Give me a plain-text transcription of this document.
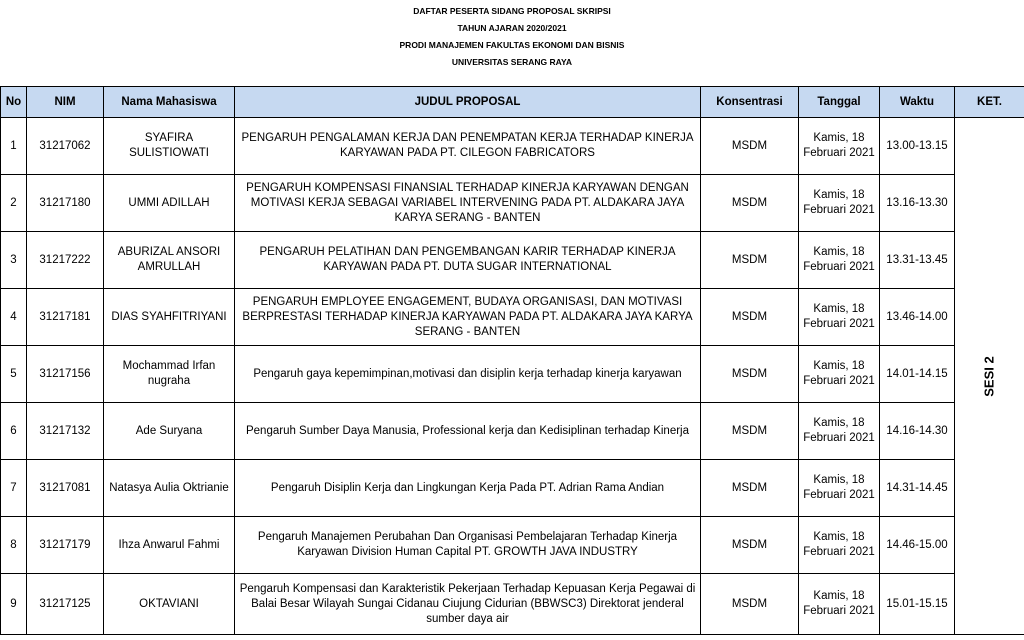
DAFTAR PESERTA SIDANG PROPOSAL SKRIPSI
TAHUN AJARAN 2020/2021
PRODI MANAJEMEN FAKULTAS EKONOMI DAN BISNIS
UNIVERSITAS SERANG RAYA
No	NIM	Nama Mahasiswa	JUDUL PROPOSAL	Konsentrasi	Tanggal	Waktu	KET.
1	31217062	SYAFIRA SULISTIOWATI	PENGARUH PENGALAMAN KERJA DAN PENEMPATAN KERJA TERHADAP KINERJA KARYAWAN PADA PT. CILEGON FABRICATORS	MSDM	Kamis, 18 Februari 2021	13.00-13.15	SESI 2
2	31217180	UMMI ADILLAH	PENGARUH KOMPENSASI FINANSIAL TERHADAP KINERJA KARYAWAN DENGAN MOTIVASI KERJA SEBAGAI VARIABEL INTERVENING PADA PT. ALDAKARA JAYA KARYA SERANG - BANTEN	MSDM	Kamis, 18 Februari 2021	13.16-13.30	
3	31217222	ABURIZAL ANSORI AMRULLAH	PENGARUH PELATIHAN DAN PENGEMBANGAN KARIR TERHADAP KINERJA KARYAWAN PADA PT. DUTA SUGAR INTERNATIONAL	MSDM	Kamis, 18 Februari 2021	13.31-13.45	
4	31217181	DIAS SYAHFITRIYANI	PENGARUH EMPLOYEE ENGAGEMENT, BUDAYA ORGANISASI, DAN MOTIVASI BERPRESTASI TERHADAP KINERJA KARYAWAN PADA PT. ALDAKARA JAYA KARYA SERANG - BANTEN	MSDM	Kamis, 18 Februari 2021	13.46-14.00	
5	31217156	Mochammad Irfan nugraha	Pengaruh gaya kepemimpinan,motivasi dan disiplin kerja terhadap kinerja karyawan	MSDM	Kamis, 18 Februari 2021	14.01-14.15	
6	31217132	Ade Suryana	Pengaruh Sumber Daya Manusia, Professional kerja dan Kedisiplinan terhadap Kinerja	MSDM	Kamis, 18 Februari 2021	14.16-14.30	
7	31217081	Natasya Aulia Oktrianie	Pengaruh Disiplin Kerja dan Lingkungan Kerja Pada PT. Adrian Rama Andian	MSDM	Kamis, 18 Februari 2021	14.31-14.45	
8	31217179	Ihza Anwarul Fahmi	Pengaruh Manajemen Perubahan Dan Organisasi Pembelajaran Terhadap Kinerja Karyawan Division Human Capital PT. GROWTH JAVA INDUSTRY	MSDM	Kamis, 18 Februari 2021	14.46-15.00	
9	31217125	OKTAVIANI	Pengaruh Kompensasi dan Karakteristik Pekerjaan Terhadap Kepuasan Kerja Pegawai di Balai Besar Wilayah Sungai Cidanau Ciujung Cidurian (BBWSC3) Direktorat jenderal sumber daya air	MSDM	Kamis, 18 Februari 2021	15.01-15.15	
